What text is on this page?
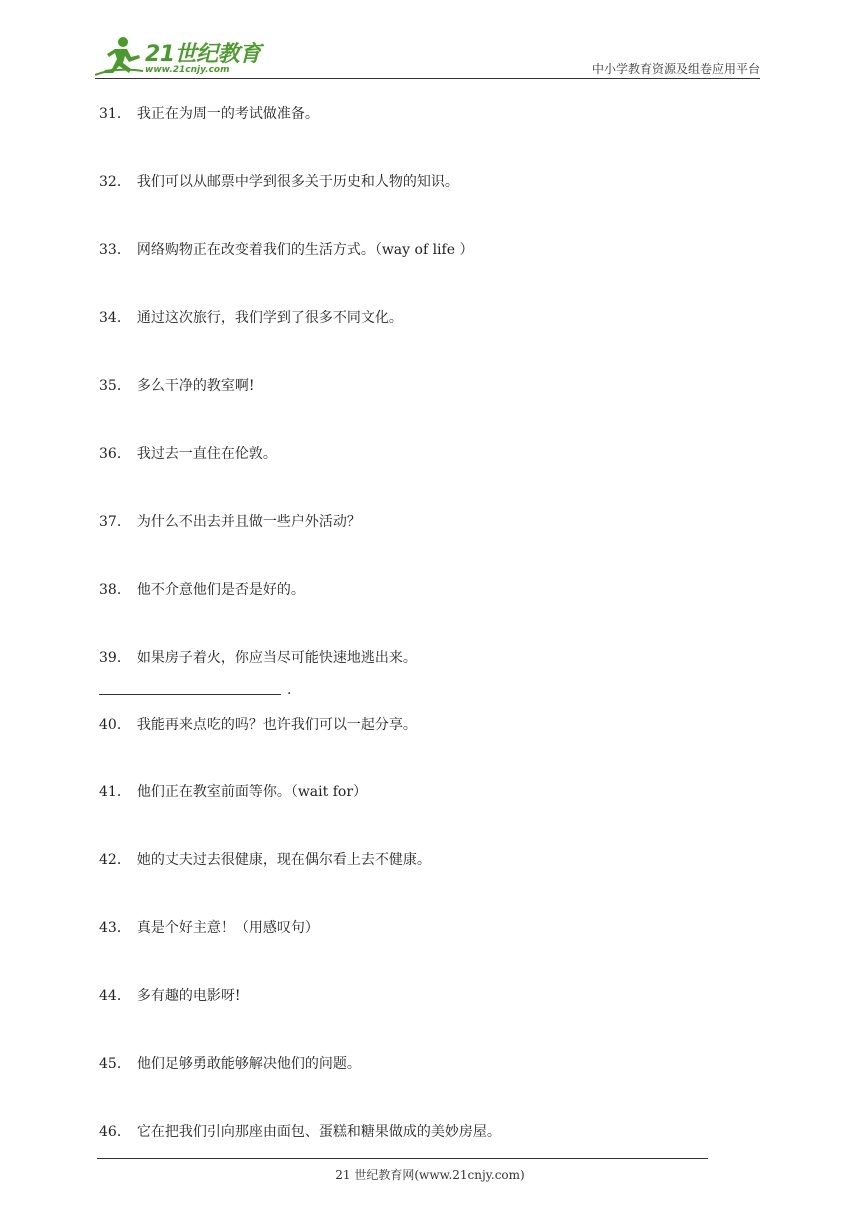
21世纪教育
www.21cnjy.com	中小学教育资源及组卷应用平台
31． 我正在为周一的考试做准备。
32． 我们可以从邮票中学到很多关于历史和人物的知识。
33． 网络购物正在改变着我们的生活方式。（way of life ）
34． 通过这次旅行，我们学到了很多不同文化。
35． 多么干净的教室啊!
36． 我过去一直住在伦敦。
37． 为什么不出去并且做一些户外活动？
38． 他不介意他们是否是好的。
39． 如果房子着火，你应当尽可能快速地逃出来。
.
40． 我能再来点吃的吗？也许我们可以一起分享。
41． 他们正在教室前面等你。（wait for）
42． 她的丈夫过去很健康，现在偶尔看上去不健康。
43． 真是个好主意！（用感叹句）
44． 多有趣的电影呀!
45． 他们足够勇敢能够解决他们的问题。
46． 它在把我们引向那座由面包、蛋糕和糖果做成的美妙房屋。
21 世纪教育网(www.21cnjy.com)
